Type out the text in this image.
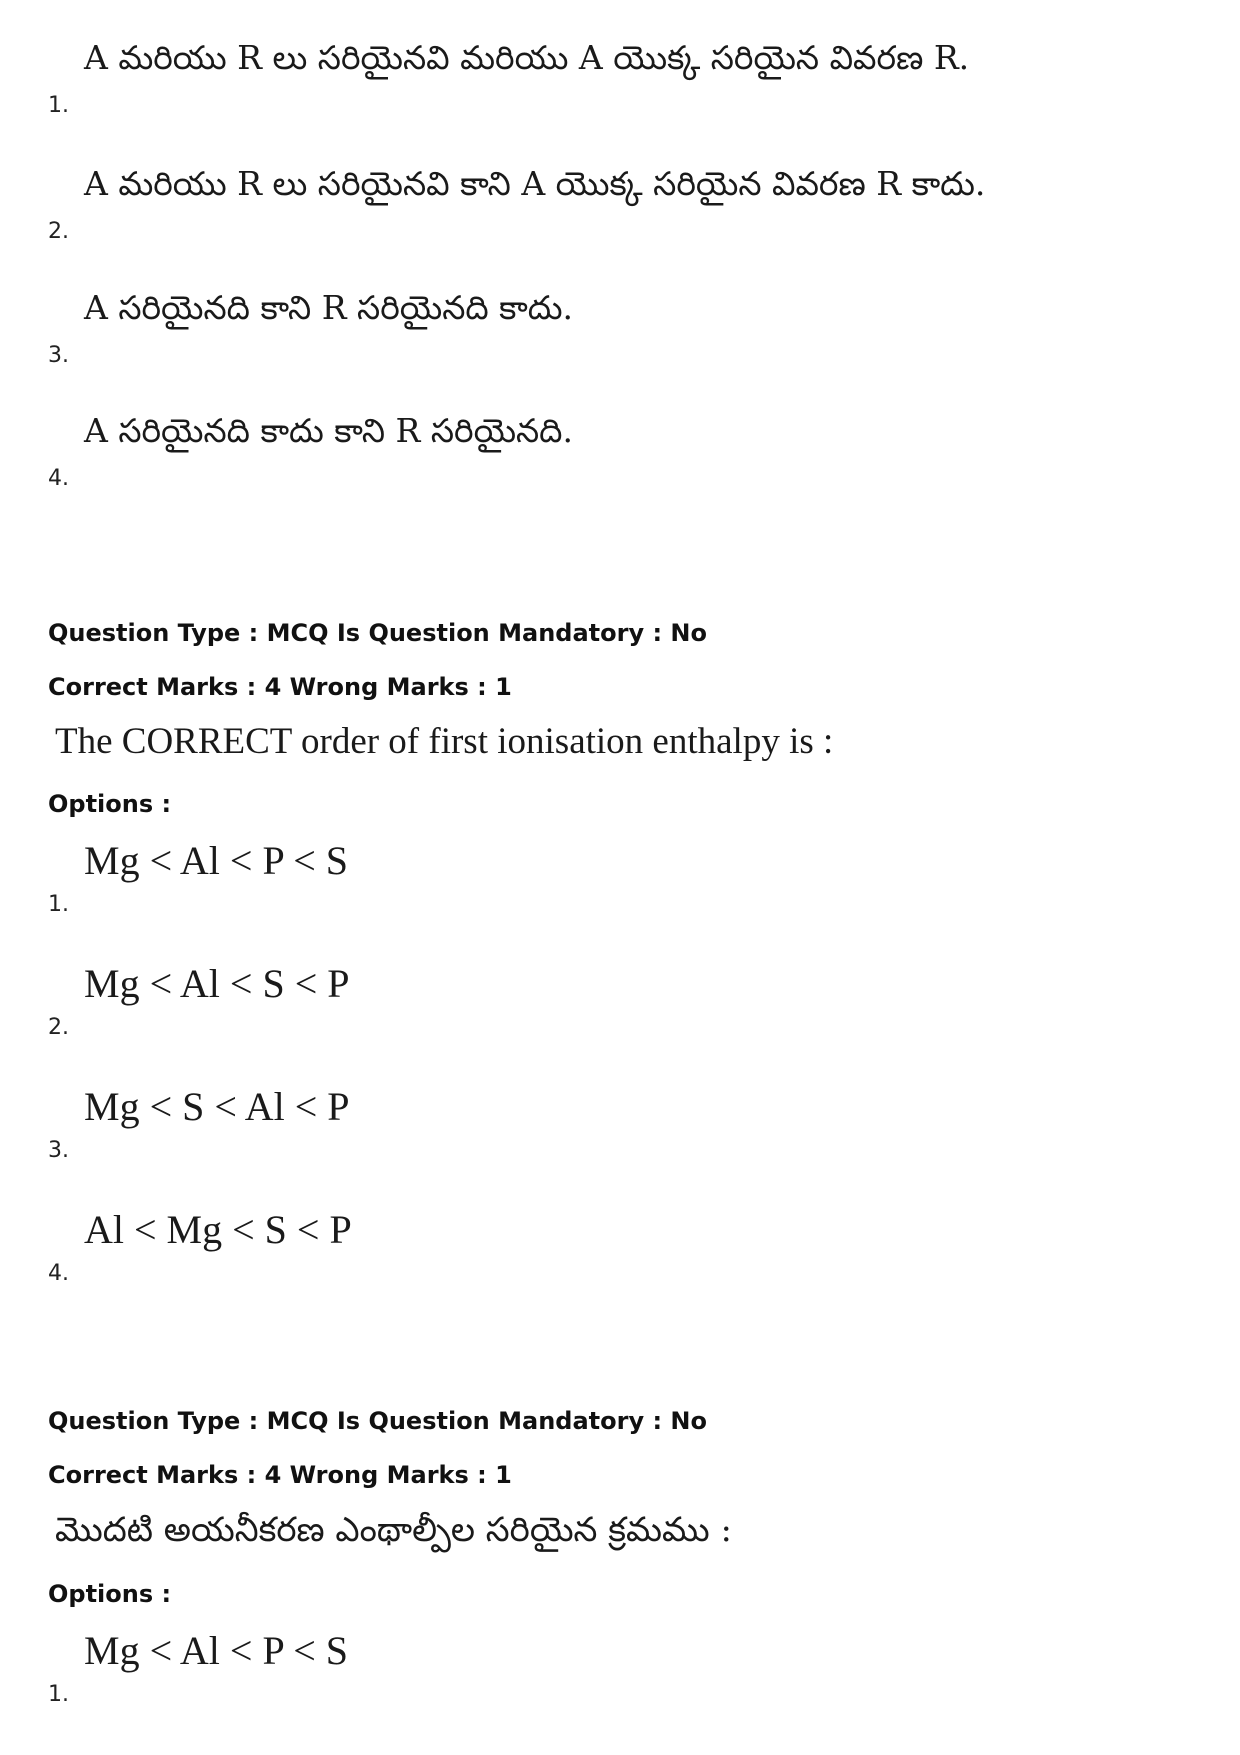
1.
A మరియు R లు సరియైనవి మరియు A యొక్క సరియైన వివరణ R.
2.
A మరియు R లు సరియైనవి కాని A యొక్క సరియైన వివరణ R కాదు.
3.
A సరియైనది కాని R సరియైనది కాదు.
4.
A సరియైనది కాదు కాని R సరియైనది.
Question Type : MCQ Is Question Mandatory : No
Correct Marks : 4 Wrong Marks : 1
The CORRECT order of first ionisation enthalpy is :
Options :
1.
Mg < Al < P < S
2.
Mg < Al < S < P
3.
Mg < S < Al < P
4.
Al < Mg < S < P
Question Type : MCQ Is Question Mandatory : No
Correct Marks : 4 Wrong Marks : 1
మొదటి అయనీకరణ ఎంథాల్పీల సరియైన క్రమము :
Options :
1.
Mg < Al < P < S
